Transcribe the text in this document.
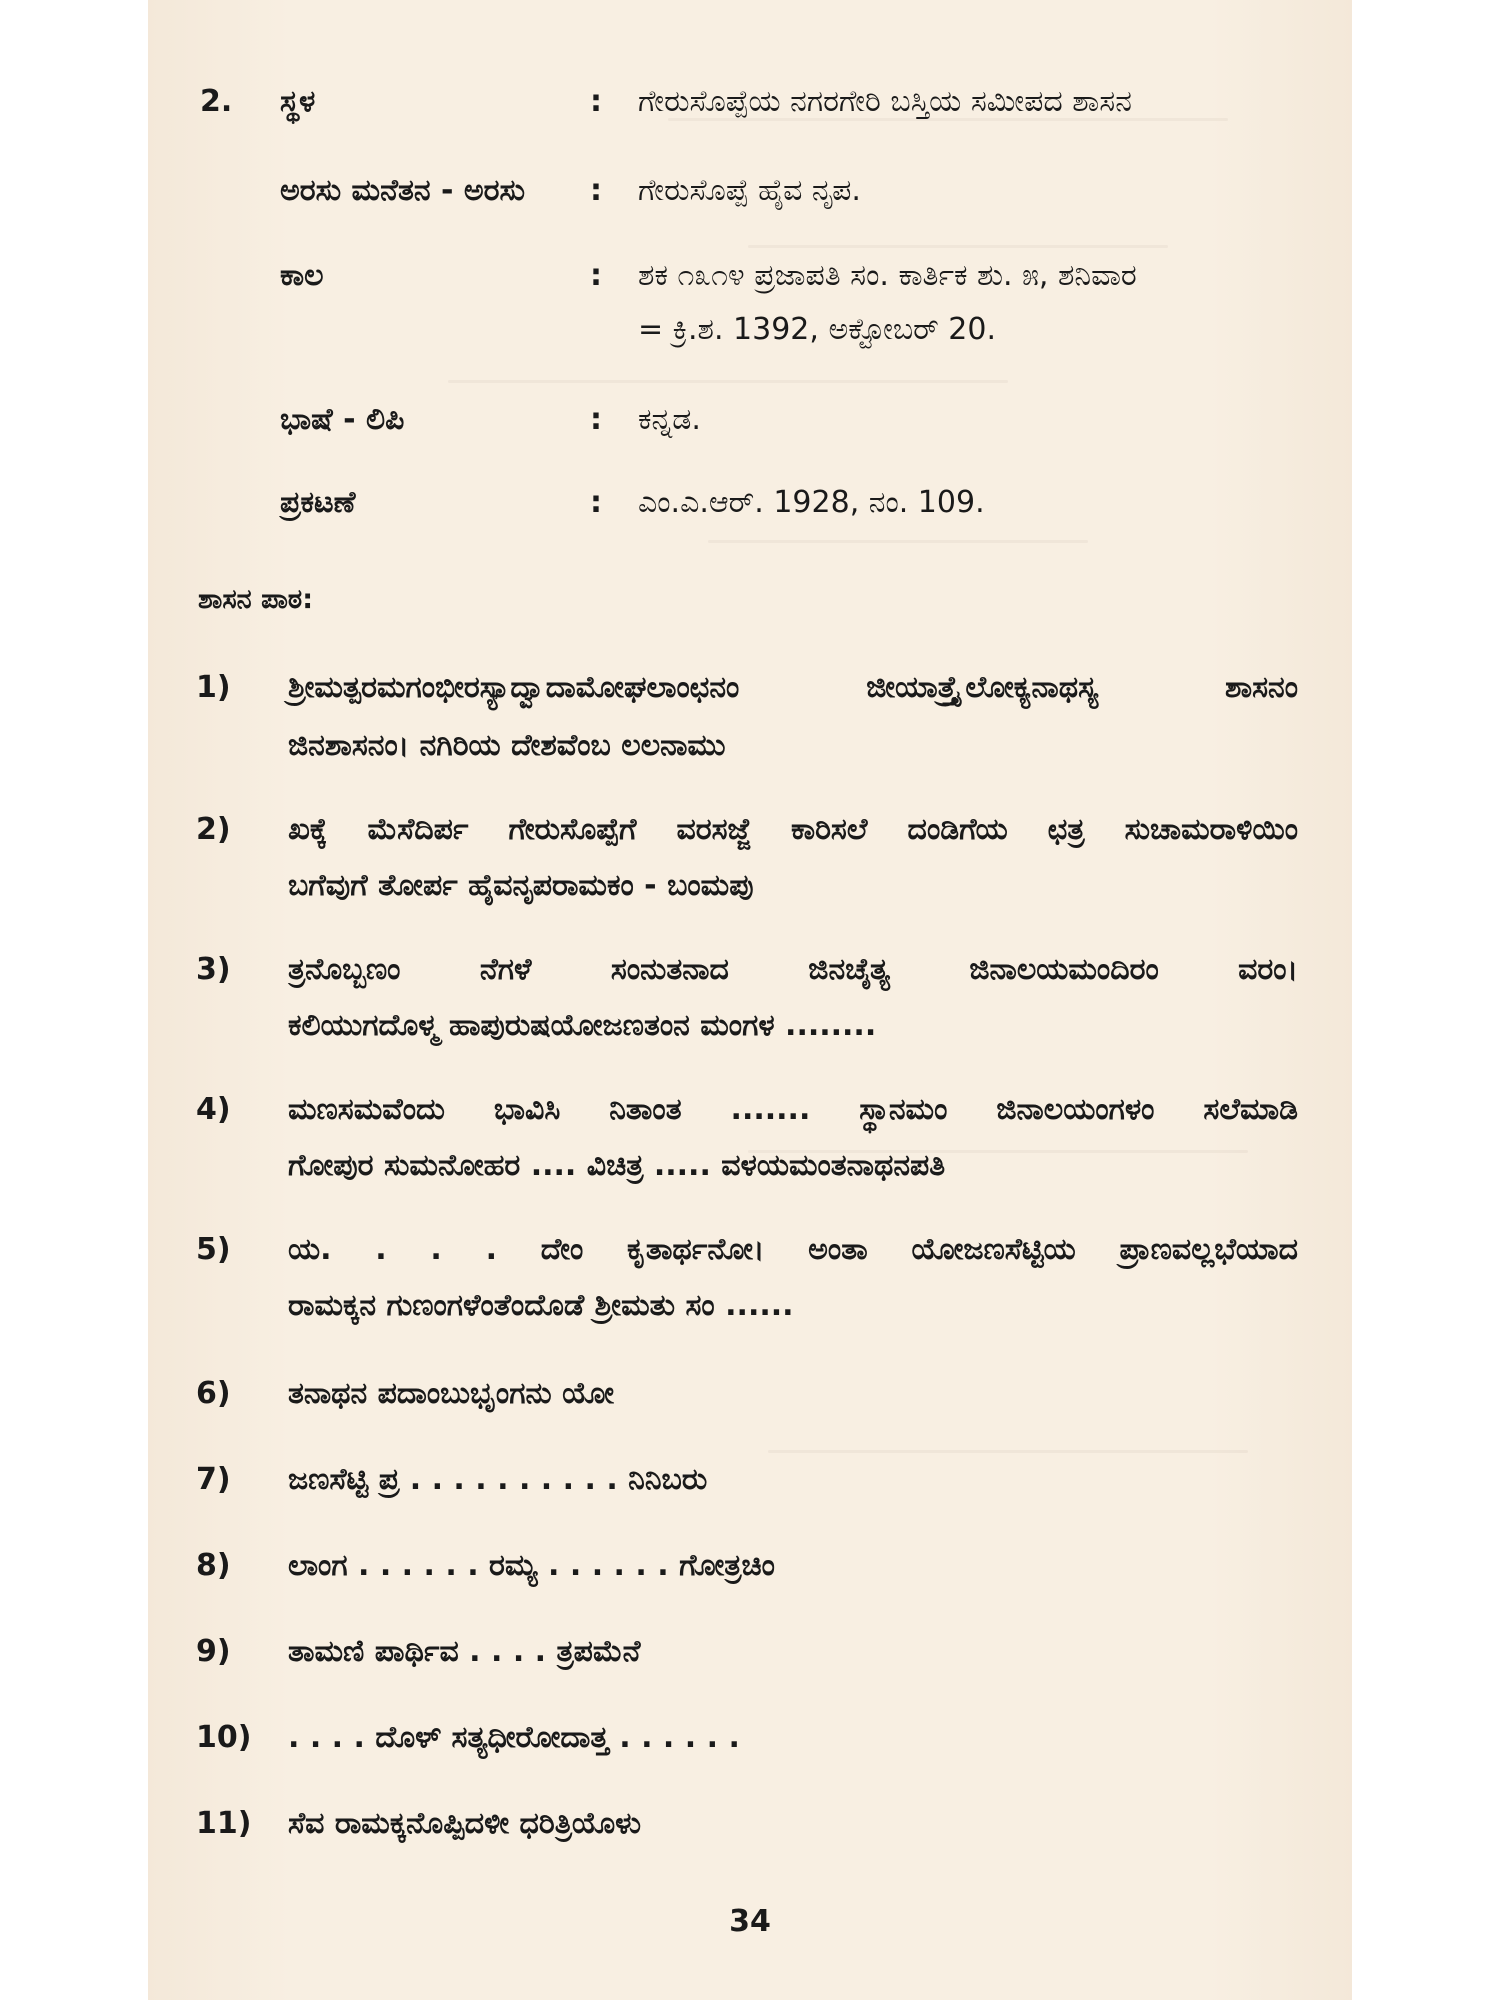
2. ಸ್ಥಳ	: ಗೇರುಸೊಪ್ಪೆಯ ನಗರಗೇರಿ ಬಸ್ತಿಯ ಸಮೀಪದ ಶಾಸನ
ಅರಸು ಮನೆತನ - ಅರಸು : ಗೇರುಸೊಪ್ಪೆ ಹೈವ ನೃಪ.
ಕಾಲ	: ಶಕ ೧೩೧೪ ಪ್ರಜಾಪತಿ ಸಂ. ಕಾರ್ತಿಕ ಶು. ೫, ಶನಿವಾರ
= ಕ್ರಿ.ಶ. 1392, ಅಕ್ಟೋಬರ್ 20.
ಭಾಷೆ - ಲಿಪಿ	: ಕನ್ನಡ.
ಪ್ರಕಟಣೆ	: ಎಂ.ಎ.ಆರ್. 1928, ನಂ. 109.
ಶಾಸನ ಪಾಠ:
1) ಶ್ರೀಮತ್ಪರಮಗಂಭೀರಸ್ಯಾದ್ವಾದಾಮೋಘಲಾಂಛನಂ ಜೀಯಾತ್ತ್ರೈಲೋಕ್ಯನಾಥಸ್ಯ ಶಾಸನಂ
ಜಿನಶಾಸನಂ। ನಗಿರಿಯ ದೇಶವೆಂಬ ಲಲನಾಮು
2) ಖಕ್ಕೆ ಮೆಸೆದಿರ್ಪ ಗೇರುಸೊಪ್ಪೆಗೆ ವರಸಜ್ಜೆ ಕಾರಿಸಲೆ ದಂಡಿಗೆಯ ಛತ್ರ ಸುಚಾಮರಾಳಿಯಿಂ
ಬಗೆವುಗೆ ತೋರ್ಪ ಹೈವನೃಪರಾಮಕಂ - ಬಂಮಪು
3) ತ್ರನೊಬ್ಬಣಂ ನೆಗಳೆ ಸಂನುತನಾದ ಜಿನಚೈತ್ಯ ಜಿನಾಲಯಮಂದಿರಂ ವರಂ।
ಕಲಿಯುಗದೊಳ್ಮ ಹಾಪುರುಷಯೋಜಣತಂನ ಮಂಗಳ ........
4) ಮಣಸಮವೆಂದು ಭಾವಿಸಿ ನಿತಾಂತ ....... ಸ್ಥಾನಮಂ ಜಿನಾಲಯಂಗಳಂ ಸಲೆಮಾಡಿ
ಗೋಪುರ ಸುಮನೋಹರ .... ವಿಚಿತ್ರ ..... ವಳಯಮಂತನಾಥನಪತಿ
5) ಯ. . . . ದೇಂ ಕೃತಾರ್ಥನೋ। ಅಂತಾ ಯೋಜಣಸೆಟ್ಟಿಯ ಪ್ರಾಣವಲ್ಲಭೆಯಾದ
ರಾಮಕ್ಕನ ಗುಣಂಗಳೆಂತೆಂದೊಡೆ ಶ್ರೀಮತು ಸಂ ......
6) ತನಾಥನ ಪದಾಂಬುಭೃಂಗನು ಯೋ
7) ಜಣಸೆಟ್ಟಿ ಪ್ರ . . . . . . . . . . ನಿನಿಬರು
8) ಲಾಂಗ . . . . . . ರಮ್ಯ . . . . . . ಗೋತ್ರಚಿಂ
9) ತಾಮಣಿ ಪಾರ್ಥಿವ . . . . ತ್ರಪಮೆನೆ
10) . . . . ದೊಳ್ ಸತ್ಯಧೀರೋದಾತ್ತ . . . . . .
11) ಸೆವ ರಾಮಕ್ಕನೊಪ್ಪಿದಳೀ ಧರಿತ್ರಿಯೊಳು
34
